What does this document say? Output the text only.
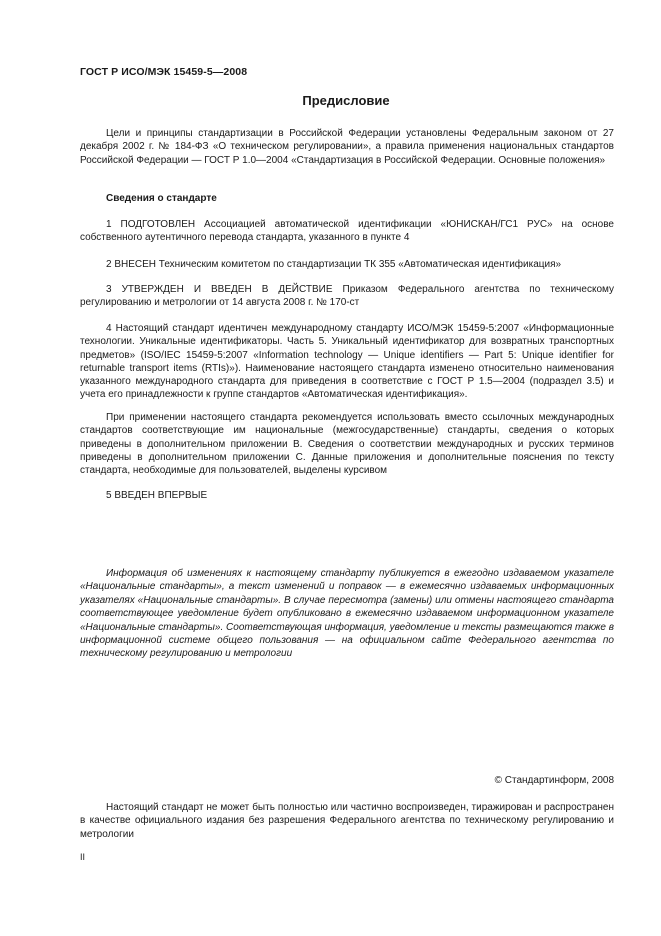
ГОСТ Р ИСО/МЭК 15459-5—2008
Предисловие
Цели и принципы стандартизации в Российской Федерации установлены Федеральным законом от 27 декабря 2002 г. № 184-ФЗ «О техническом регулировании», а правила применения национальных стандартов Российской Федерации — ГОСТ Р 1.0—2004 «Стандартизация в Российской Федерации. Основные положения»
Сведения о стандарте
1 ПОДГОТОВЛЕН Ассоциацией автоматической идентификации «ЮНИСКАН/ГС1 РУС» на основе собственного аутентичного перевода стандарта, указанного в пункте 4
2 ВНЕСЕН Техническим комитетом по стандартизации ТК 355 «Автоматическая идентификация»
3 УТВЕРЖДЕН И ВВЕДЕН В ДЕЙСТВИЕ Приказом Федерального агентства по техническому регулированию и метрологии от 14 августа 2008 г. № 170-ст
4 Настоящий стандарт идентичен международному стандарту ИСО/МЭК 15459-5:2007 «Информационные технологии. Уникальные идентификаторы. Часть 5. Уникальный идентификатор для возвратных транспортных предметов» (ISO/IEC 15459-5:2007 «Information technology — Unique identifiers — Part 5: Unique identifier for returnable transport items (RTIs)»). Наименование настоящего стандарта изменено относительно наименования указанного международного стандарта для приведения в соответствие с ГОСТ Р 1.5—2004 (подраздел 3.5) и учета его принадлежности к группе стандартов «Автоматическая идентификация».
При применении настоящего стандарта рекомендуется использовать вместо ссылочных международных стандартов соответствующие им национальные (межгосударственные) стандарты, сведения о которых приведены в дополнительном приложении В. Сведения о соответствии международных и русских терминов приведены в дополнительном приложении С. Данные приложения и дополнительные пояснения по тексту стандарта, необходимые для пользователей, выделены курсивом
5 ВВЕДЕН ВПЕРВЫЕ
Информация об изменениях к настоящему стандарту публикуется в ежегодно издаваемом указателе «Национальные стандарты», а текст изменений и поправок — в ежемесячно издаваемых информационных указателях «Национальные стандарты». В случае пересмотра (замены) или отмены настоящего стандарта соответствующее уведомление будет опубликовано в ежемесячно издаваемом информационном указателе «Национальные стандарты». Соответствующая информация, уведомление и тексты размещаются также в информационной системе общего пользования — на официальном сайте Федерального агентства по техническому регулированию и метрологии
© Стандартинформ, 2008
Настоящий стандарт не может быть полностью или частично воспроизведен, тиражирован и распространен в качестве официального издания без разрешения Федерального агентства по техническому регулированию и метрологии
II
